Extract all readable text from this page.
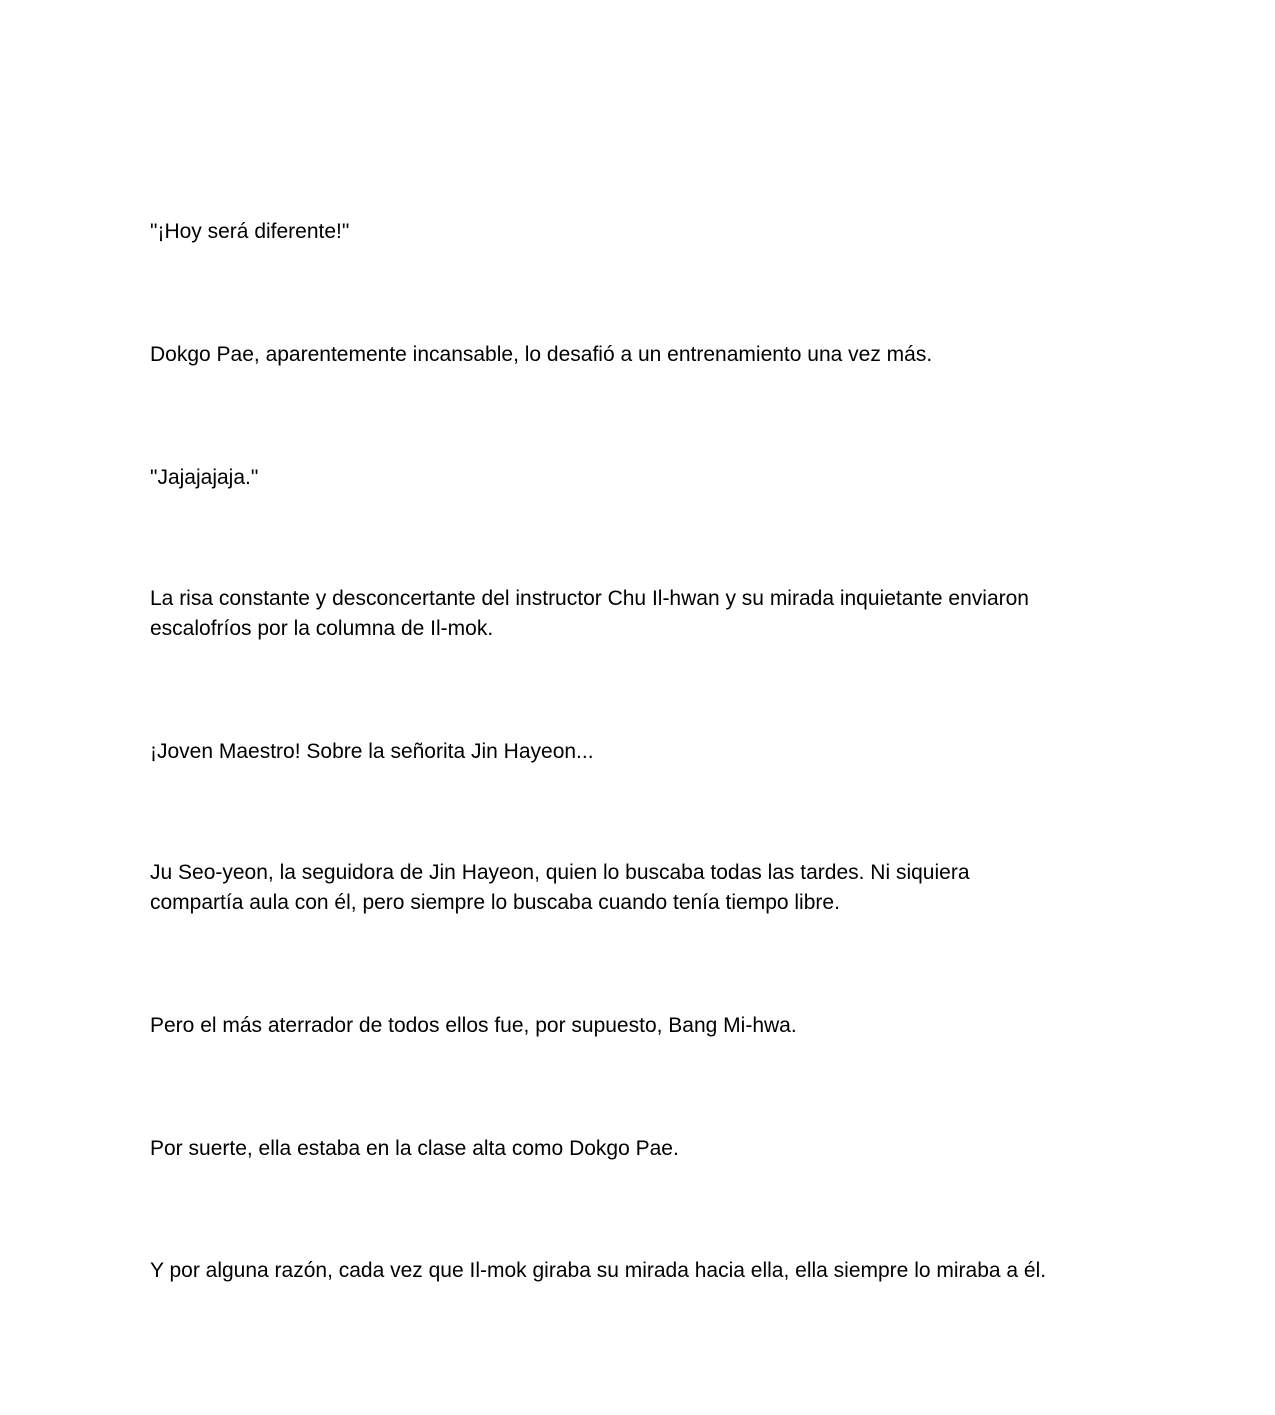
"¡Hoy será diferente!"

Dokgo Pae, aparentemente incansable, lo desafió a un entrenamiento una vez más.

"Jajajajaja."

La risa constante y desconcertante del instructor Chu Il-hwan y su mirada inquietante enviaron
escalofríos por la columna de Il-mok.

¡Joven Maestro! Sobre la señorita Jin Hayeon...

Ju Seo-yeon, la seguidora de Jin Hayeon, quien lo buscaba todas las tardes. Ni siquiera
compartía aula con él, pero siempre lo buscaba cuando tenía tiempo libre.

Pero el más aterrador de todos ellos fue, por supuesto, Bang Mi-hwa.

Por suerte, ella estaba en la clase alta como Dokgo Pae.

Y por alguna razón, cada vez que Il-mok giraba su mirada hacia ella, ella siempre lo miraba a él.
